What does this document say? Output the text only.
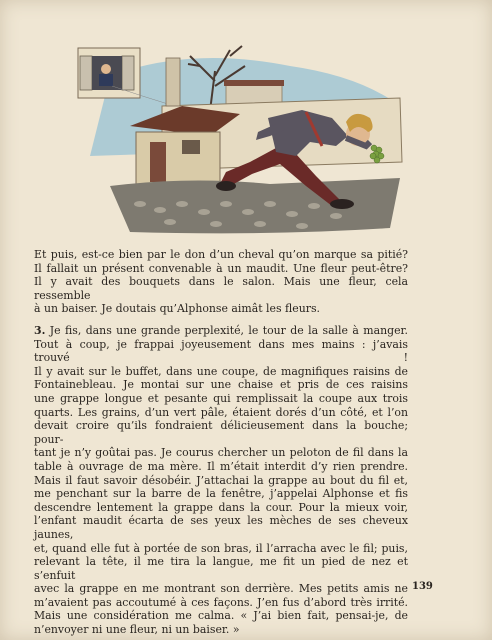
Et puis, est-ce bien par le don d’un cheval qu’on marque sa pitié?
Il fallait un présent convenable à un maudit. Une fleur peut-être?
Il y avait des bouquets dans le salon. Mais une fleur, cela ressemble
à un baiser. Je doutais qu’Alphonse aimât les fleurs.
3. Je fis, dans une grande perplexité, le tour de la salle à manger.
Tout à coup, je frappai joyeusement dans mes mains : j’avais trouvé !
Il y avait sur le buffet, dans une coupe, de magnifiques raisins de
Fontainebleau. Je montai sur une chaise et pris de ces raisins
une grappe longue et pesante qui remplissait la coupe aux trois
quarts. Les grains, d’un vert pâle, étaient dorés d’un côté, et l’on
devait croire qu’ils fondraient délicieusement dans la bouche; pour-
tant je n’y goûtai pas. Je courus chercher un peloton de fil dans la
table à ouvrage de ma mère. Il m’était interdit d’y rien prendre.
Mais il faut savoir désobéir. J’attachai la grappe au bout du fil et,
me penchant sur la barre de la fenêtre, j’appelai Alphonse et fis
descendre lentement la grappe dans la cour. Pour la mieux voir,
l’enfant maudit écarta de ses yeux les mèches de ses cheveux jaunes,
et, quand elle fut à portée de son bras, il l’arracha avec le fil; puis,
relevant la tête, il me tira la langue, me fit un pied de nez et s’enfuit
avec la grappe en me montrant son derrière. Mes petits amis ne
m’avaient pas accoutumé à ces façons. J’en fus d’abord très irrité.
Mais une considération me calma. « J’ai bien fait, pensai-je, de
n’envoyer ni une fleur, ni un baiser. »
139
